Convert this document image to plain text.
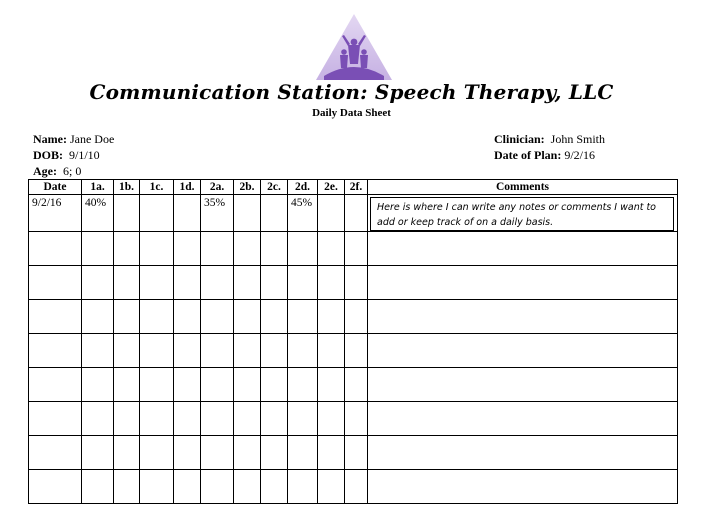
Communication Station: Speech Therapy, LLC
Daily Data Sheet
Name: Jane Doe
DOB: 9/1/10
Age: 6; 0
Clinician: John Smith
Date of Plan: 9/2/16
Date	1a.	1b.	1c.	1d.	2a.	2b.	2c.	2d.	2e.	2f.	Comments
9/2/16	40%				35%			45%			Here is where I can write any notes or comments I want to add or keep track of on a daily basis.
